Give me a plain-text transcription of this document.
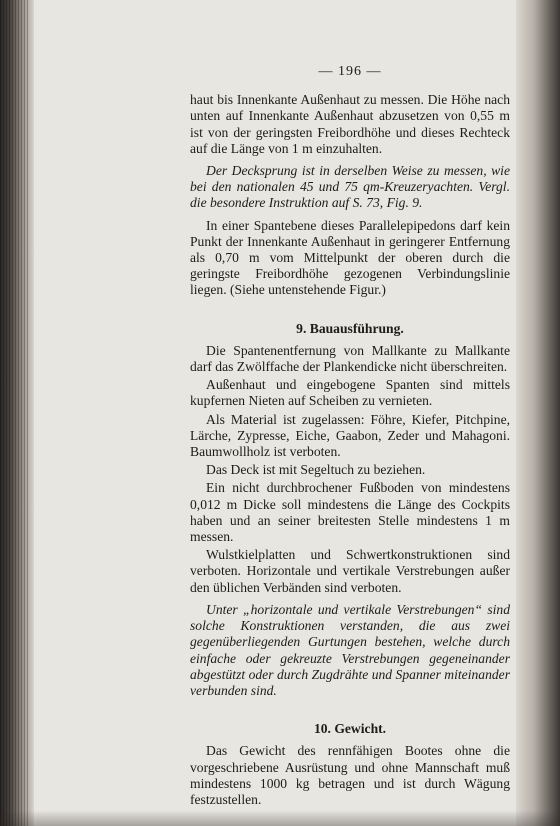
— 196 —

haut bis Innenkante Außenhaut zu messen. Die Höhe nach unten auf Innenkante Außenhaut abzusetzen von 0,55 m ist von der geringsten Freibordhöhe und dieses Rechteck auf die Länge von 1 m einzuhalten.

Der Decksprung ist in derselben Weise zu messen, wie bei den nationalen 45 und 75 qm-Kreuzeryachten. Vergl. die besondere Instruktion auf S. 73, Fig. 9.

In einer Spantebene dieses Parallelepipedons darf kein Punkt der Innenkante Außenhaut in geringerer Entfernung als 0,70 m vom Mittelpunkt der oberen durch die geringste Freibordhöhe gezogenen Verbindungslinie liegen. (Siehe untenstehende Figur.)

9. Bauausführung.

Die Spantenentfernung von Mallkante zu Mallkante darf das Zwölffache der Plankendicke nicht überschreiten.

Außenhaut und eingebogene Spanten sind mittels kupfernen Nieten auf Scheiben zu vernieten.

Als Material ist zugelassen: Föhre, Kiefer, Pitchpine, Lärche, Zypresse, Eiche, Gaabon, Zeder und Mahagoni. Baumwollholz ist verboten.

Das Deck ist mit Segeltuch zu beziehen.

Ein nicht durchbrochener Fußboden von mindestens 0,012 m Dicke soll mindestens die Länge des Cockpits haben und an seiner breitesten Stelle mindestens 1 m messen.

Wulstkielplatten und Schwertkonstruktionen sind verboten. Horizontale und vertikale Verstrebungen außer den üblichen Verbänden sind verboten.

Unter „horizontale und vertikale Verstrebungen“ sind solche Konstruktionen verstanden, die aus zwei gegenüberliegenden Gurtungen bestehen, welche durch einfache oder gekreuzte Verstrebungen gegeneinander abgestützt oder durch Zugdrähte und Spanner miteinander verbunden sind.

10. Gewicht.

Das Gewicht des rennfähigen Bootes ohne die vorgeschriebene Ausrüstung und ohne Mannschaft muß mindestens 1000 kg betragen und ist durch Wägung festzustellen.
